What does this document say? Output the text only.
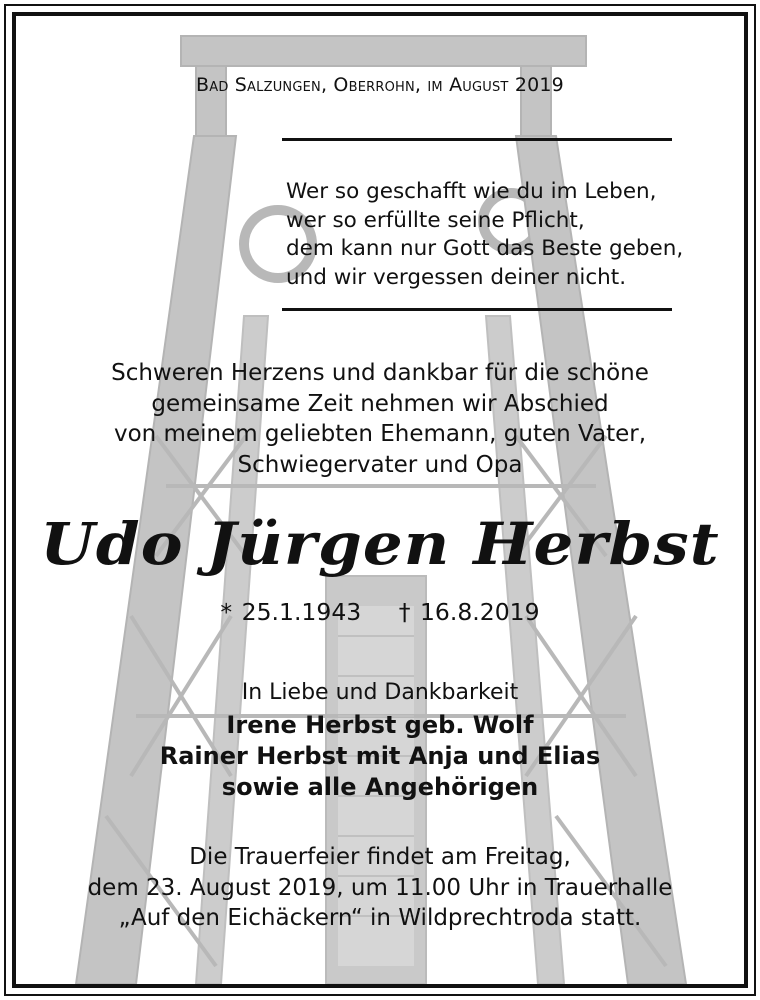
Bad Salzungen, Oberrohn, im August 2019
Wer so geschafft wie du im Leben,
wer so erfüllte seine Pflicht,
dem kann nur Gott das Beste geben,
und wir vergessen deiner nicht.
Schweren Herzens und dankbar für die schöne
gemeinsame Zeit nehmen wir Abschied
von meinem geliebten Ehemann, guten Vater,
Schwiegervater und Opa
Udo Jürgen Herbst
* 25.1.1943 † 16.8.2019
In Liebe und Dankbarkeit
Irene Herbst geb. Wolf
Rainer Herbst mit Anja und Elias
sowie alle Angehörigen
Die Trauerfeier findet am Freitag,
dem 23. August 2019, um 11.00 Uhr in Trauerhalle
„Auf den Eichäckern“ in Wildprechtroda statt.
